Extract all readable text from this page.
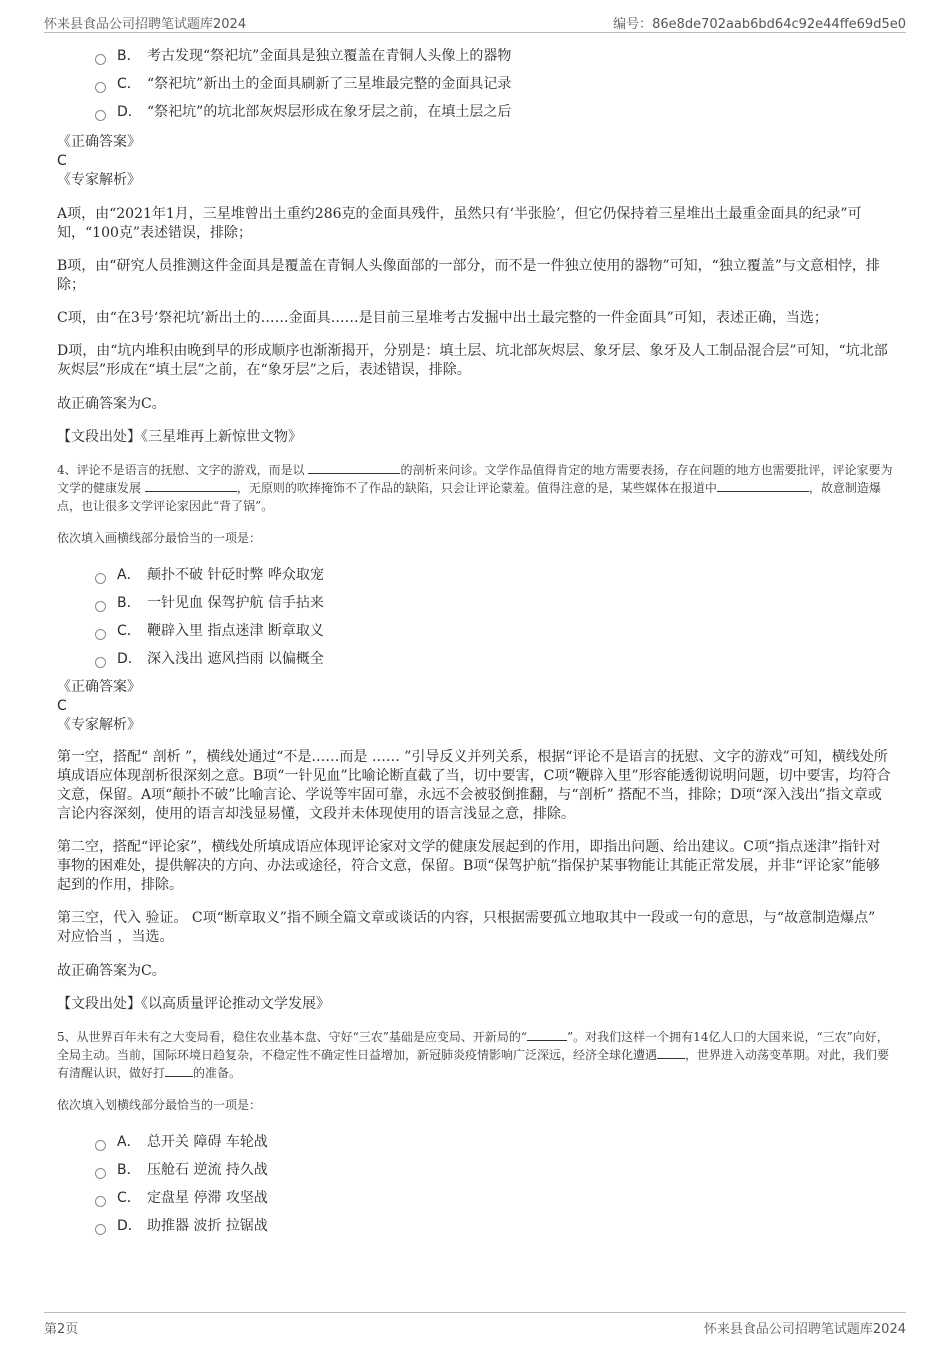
怀来县食品公司招聘笔试题库2024	编号：86e8de702aab6bd64c92e44ffe69d5e0
B． 考古发现“祭祀坑”金面具是独立覆盖在青铜人头像上的器物
C． “祭祀坑”新出土的金面具刷新了三星堆最完整的金面具记录
D． “祭祀坑”的坑北部灰烬层形成在象牙层之前，在填土层之后
《正确答案》
C
《专家解析》
A项，由“2021年1月，三星堆曾出土重约286克的金面具残件，虽然只有‘半张脸’，但它仍保持着三星堆出土最重金面具的纪录”可知，“100克”表述错误，排除；
B项，由“研究人员推测这件金面具是覆盖在青铜人头像面部的一部分，而不是一件独立使用的器物”可知，“独立覆盖”与文意相悖，排除；
C项，由“在3号‘祭祀坑’新出土的……金面具……是目前三星堆考古发掘中出土最完整的一件金面具”可知，表述正确，当选；
D项，由“坑内堆积由晚到早的形成顺序也渐渐揭开，分别是：填土层、坑北部灰烬层、象牙层、象牙及人工制品混合层”可知，“坑北部灰烬层”形成在“填土层”之前，在“象牙层”之后，表述错误，排除。
故正确答案为C。
【文段出处】《三星堆再上新惊世文物》
4、评论不是语言的抚慰、文字的游戏，而是以	的剖析来问诊。文学作品值得肯定的地方需要表扬，存在问题的地方也需要批评，评论家要为文学的健康发展	，无原则的吹捧掩饰不了作品的缺陷，只会让评论蒙羞。值得注意的是，某些媒体在报道中	，故意制造爆点，也让很多文学评论家因此“背了锅”。
依次填入画横线部分最恰当的一项是：
A． 颠扑不破 针砭时弊 哗众取宠
B． 一针见血 保驾护航 信手拈来
C． 鞭辟入里 指点迷津 断章取义
D． 深入浅出 遮风挡雨 以偏概全
《正确答案》
C
《专家解析》
第一空，搭配“ 剖析 ”，横线处通过“不是……而是 …… ”引导反义并列关系，根据“评论不是语言的抚慰、文字的游戏”可知，横线处所填成语应体现剖析很深刻之意。B项“一针见血”比喻论断直截了当，切中要害，C项“鞭辟入里”形容能透彻说明问题，切中要害，均符合文意，保留。A项“颠扑不破”比喻言论、学说等牢固可靠，永远不会被驳倒推翻，与“剖析” 搭配不当，排除；D项“深入浅出”指文章或言论内容深刻，使用的语言却浅显易懂，文段并未体现使用的语言浅显之意，排除。
第二空，搭配“评论家”，横线处所填成语应体现评论家对文学的健康发展起到的作用，即指出问题、给出建议。C项“指点迷津”指针对事物的困难处，提供解决的方向、办法或途径，符合文意，保留。B项“保驾护航”指保护某事物能让其能正常发展，并非“评论家”能够起到的作用，排除。
第三空，代入 验证。 C项“断章取义”指不顾全篇文章或谈话的内容，只根据需要孤立地取其中一段或一句的意思，与“故意制造爆点” 对应恰当 ，当选。
故正确答案为C。
【文段出处】《以高质量评论推动文学发展》
5、从世界百年未有之大变局看，稳住农业基本盘、守好“三农”基础是应变局、开新局的“	”。对我们这样一个拥有14亿人口的大国来说，“三农”向好，全局主动。当前，国际环境日趋复杂，不稳定性不确定性日益增加，新冠肺炎疫情影响广泛深远，经济全球化遭遇 ，世界进入动荡变革期。对此，我们要有清醒认识，做好打 的准备。
依次填入划横线部分最恰当的一项是：
A． 总开关 障碍 车轮战
B． 压舱石 逆流 持久战
C． 定盘星 停滞 攻坚战
D． 助推器 波折 拉锯战
第2页	怀来县食品公司招聘笔试题库2024
